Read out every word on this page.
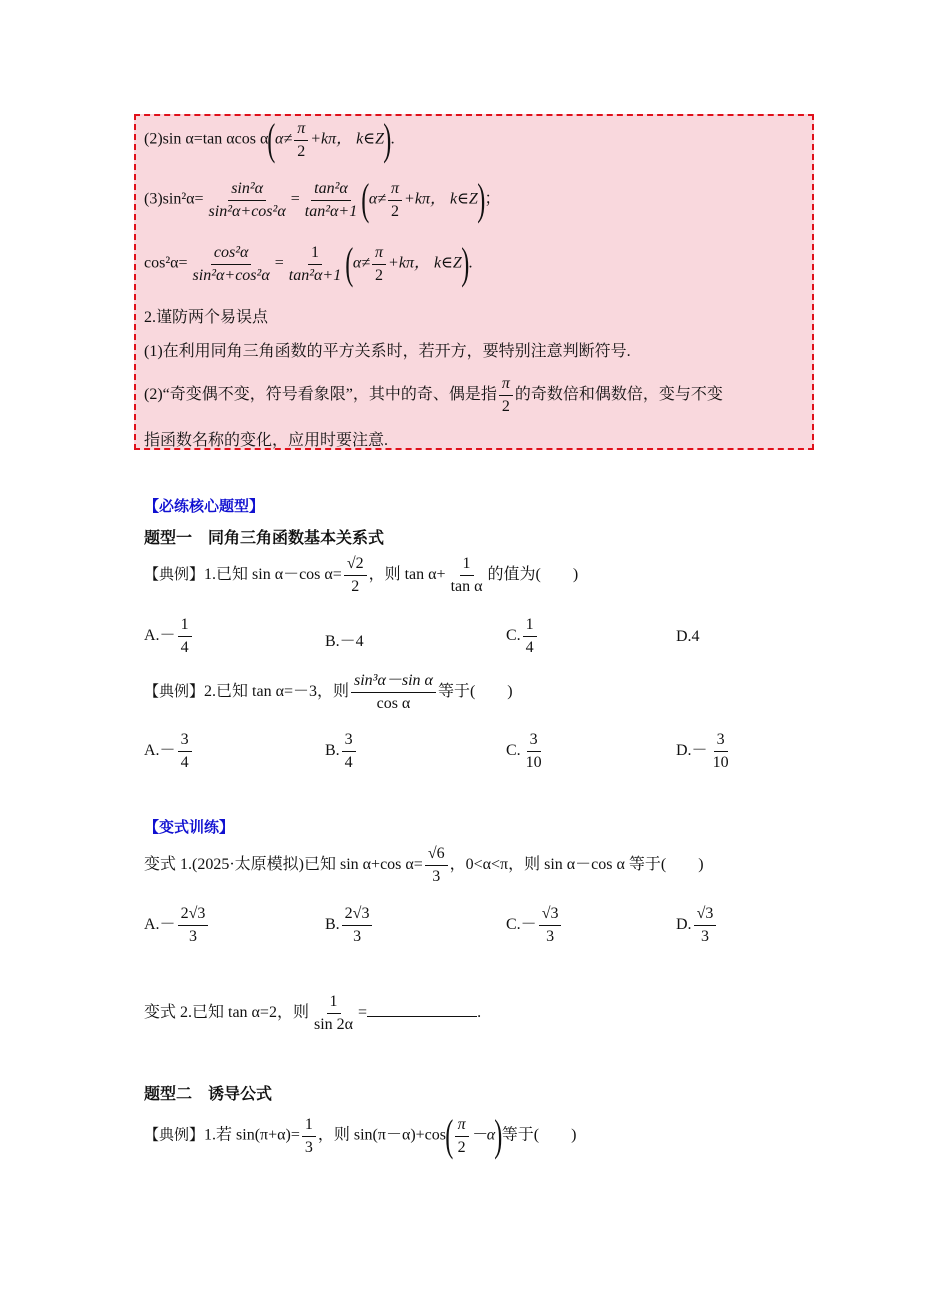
(2)sin α=tan αcos $\alpha(\alpha\ne \frac{\pi}{2} +k\pi$， k∈Z).
$(3)\sin^2\alpha= \frac{\text{sin²α}}{\text{sin²α+cos²α}} = \frac{\text{tan²α}}{\text{tan²α+1}} (\alpha\ne \frac{\pi}{2} +k\pi$， k∈Z)；
$\cos^2\alpha= \frac{\text{cos²α}}{\text{sin²α+cos²α}} = \frac{1}{\text{tan²α+1}} (\alpha\ne \frac{\pi}{2} +k\pi$， k∈Z).
2.谨防两个易误点
(1)在利用同角三角函数的平方关系时，若开方，要特别注意判断符号.
(2)“奇变偶不变，符号看象限”，其中的奇、偶是指 $\frac{\pi}{2}$ 的奇数倍和偶数倍，变与不变
指函数名称的变化，应用时要注意.
【必练核心题型】
题型一　同角三角函数基本关系式
【典例】1.已知 sin α－cos $\alpha= \frac{√2}{2}$ ，则 $\tan \alpha+ \frac{1}{\text{tan α}}$ 的值为(　　)
$A.- \frac{1}{4}$	B.－4	C. $\frac{1}{4}$	D.4
【典例】2.已知 tan α=－3，则 $\frac{\text{sin³α－sin α}}{\text{cos α}}$ 等于(　　)
$A.- \frac{3}{4}$	B. $\frac{3}{4}$	C. $\frac{3}{10}$	$D.- \frac{3}{10}$
【变式训练】
变式 1.(2025·太原模拟)已知 sin α+cos $\alpha= \frac{√6}{3}$ ，0<α<π，则 sin α－cos α 等于(　　)
$A.- \frac{2√3}{3}$	B. $\frac{2√3}{3}$	$C.- \frac{√3}{3}$	D. $\frac{√3}{3}$
变式 2.已知 tan α=2，则 $\frac{1}{\sin 2\alpha}$ =	.
题型二　诱导公式
【典例】1.若 $\sin(\pi+\alpha)= \frac{1}{3}$ ，则 $\sin(\pi-\alpha)+\cos( \frac{\pi}{2} -\alpha)$等于(　　)
